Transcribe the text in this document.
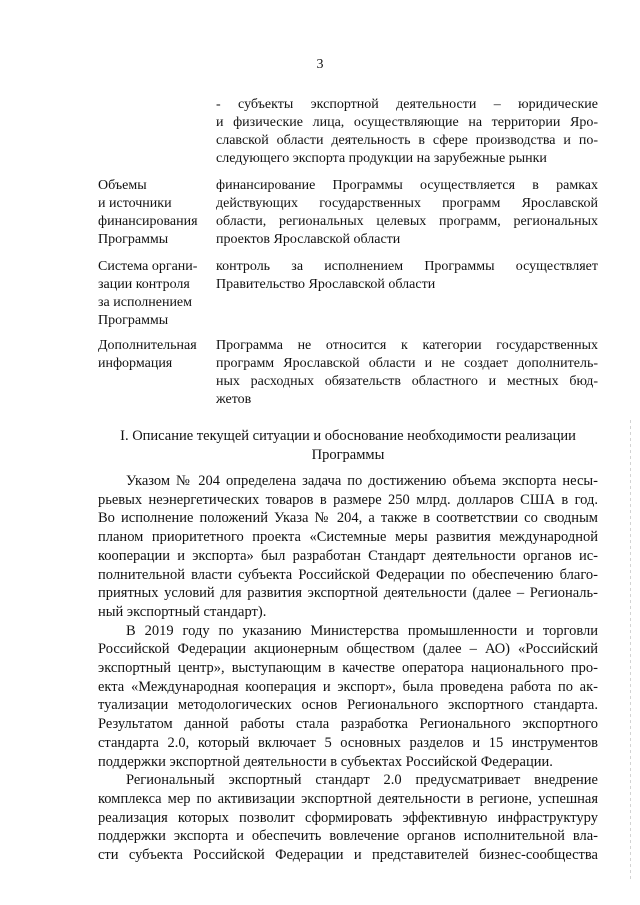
3
- субъекты экспортной деятельности – юридические
и физические лица, осуществляющие на территории Яро-
славской области деятельность в сфере производства и по-
следующего экспорта продукции на зарубежные рынки
Объемы
и источники
финансирования
Программы
финансирование Программы осуществляется в рамках
действующих государственных программ Ярославской
области, региональных целевых программ, региональных
проектов Ярославской области
Система органи-
зации контроля
за исполнением
Программы
контроль за исполнением Программы осуществляет
Правительство Ярославской области
Дополнительная
информация
Программа не относится к категории государственных
программ Ярославской области и не создает дополнитель-
ных расходных обязательств областного и местных бюд-
жетов
I. Описание текущей ситуации и обоснование необходимости реализации
Программы
Указом № 204 определена задача по достижению объема экспорта несы-
рьевых неэнергетических товаров в размере 250 млрд. долларов США в год.
Во исполнение положений Указа № 204, а также в соответствии со сводным
планом приоритетного проекта «Системные меры развития международной
кооперации и экспорта» был разработан Стандарт деятельности органов ис-
полнительной власти субъекта Российской Федерации по обеспечению благо-
приятных условий для развития экспортной деятельности (далее – Региональ-
ный экспортный стандарт).
В 2019 году по указанию Министерства промышленности и торговли
Российской Федерации акционерным обществом (далее – АО) «Российский
экспортный центр», выступающим в качестве оператора национального про-
екта «Международная кооперация и экспорт», была проведена работа по ак-
туализации методологических основ Регионального экспортного стандарта.
Результатом данной работы стала разработка Регионального экспортного
стандарта 2.0, который включает 5 основных разделов и 15 инструментов
поддержки экспортной деятельности в субъектах Российской Федерации.
Региональный экспортный стандарт 2.0 предусматривает внедрение
комплекса мер по активизации экспортной деятельности в регионе, успешная
реализация которых позволит сформировать эффективную инфраструктуру
поддержки экспорта и обеспечить вовлечение органов исполнительной вла-
сти субъекта Российской Федерации и представителей бизнес-сообщества
